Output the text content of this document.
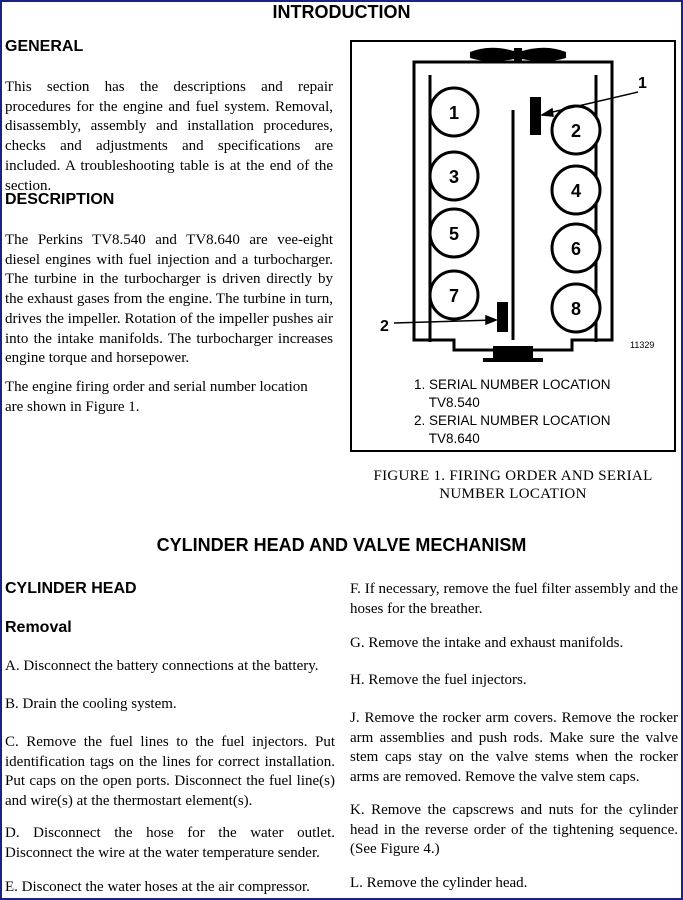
INTRODUCTION
GENERAL

This section has the descriptions and repair procedures for the engine and fuel system. Removal, disassembly, assembly and installation procedures, checks and adjustments and specifications are included. A troubleshooting table is at the end of the section.

DESCRIPTION

The Perkins TV8.540 and TV8.640 are vee-eight diesel engines with fuel injection and a turbocharger. The turbine in the turbocharger is driven directly by the exhaust gases from the engine. The turbine in turn, drives the impeller. Rotation of the impeller pushes air into the intake manifolds. The turbocharger increases engine torque and horsepower.

The engine firing order and serial number location are shown in Figure 1.

1
2
3
4
5
6
7
8
1
2
11329
1. SERIAL NUMBER LOCATION
TV8.540
2. SERIAL NUMBER LOCATION
TV8.640
FIGURE 1. FIRING ORDER AND SERIAL
NUMBER LOCATION
CYLINDER HEAD AND VALVE MECHANISM
CYLINDER HEAD
Removal

A. Disconnect the battery connections at the battery.

B. Drain the cooling system.

C. Remove the fuel lines to the fuel injectors. Put identification tags on the lines for correct installation. Put caps on the open ports. Disconnect the fuel line(s) and wire(s) at the thermostart element(s).

D. Disconnect the hose for the water outlet. Disconnect the wire at the water temperature sender.

E. Disconect the water hoses at the air compressor.

F. If necessary, remove the fuel filter assembly and the hoses for the breather.

G. Remove the intake and exhaust manifolds.

H. Remove the fuel injectors.

J. Remove the rocker arm covers. Remove the rocker arm assemblies and push rods. Make sure the valve stem caps stay on the valve stems when the rocker arms are removed. Remove the valve stem caps.

K. Remove the capscrews and nuts for the cylinder head in the reverse order of the tightening sequence. (See Figure 4.)

L. Remove the cylinder head.
